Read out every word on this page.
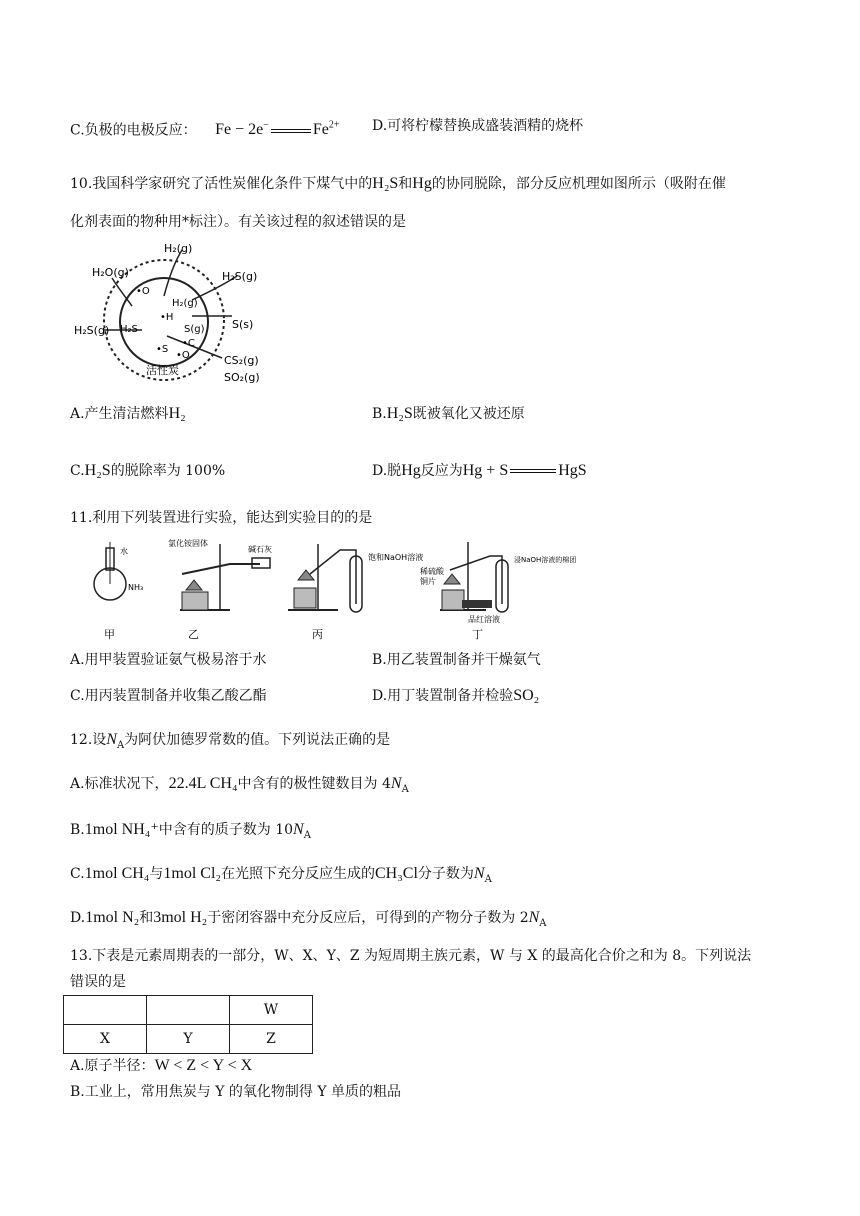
C.负极的电极反应： Fe − 2e−	$Fe^{2+}$ D.可将柠檬替换成盛装酒精的烧杯
10.我国科学家研究了活性炭催化条件下煤气中的H₂S和Hg的协同脱除，部分反应机理如图所示（吸附在催
化剂表面的物种用*标注）。有关该过程的叙述错误的是
H₂(g)
H₂O(g)	H₂S(g)
•O
H₂(g)
•H
H₂S(g) H₂S	S(g)	S(s)
•C
•S
•O	CS₂(g)
SO₂(g)
活性炭
A.产生清洁燃料H₂	B.H₂S既被氧化又被还原
C.H₂S的脱除率为 100%	D.脱Hg反应为Hg + S	HgS
11.利用下列装置进行实验，能达到实验目的的是
水
NH₃
甲
氯化铵固体
碱石灰
乙
饱和NaOH溶液
丙
稀硫酸
铜片
品红溶液
浸NaOH溶液的棉团
丁
A.用甲装置验证氨气极易溶于水	B.用乙装置制备并干燥氨气
C.用丙装置制备并收集乙酸乙酯	D.用丁装置制备并检验SO₂
12.设$N_A$为阿伏加德罗常数的值。下列说法正确的是
A.标准状况下，22.4L CH₄中含有的极性键数目为 $4N_A$
B.1mol NH₄⁺中含有的质子数为 $10N_A$
C.1mol CH₄与1mol Cl₂在光照下充分反应生成的CH₃Cl分子数为$N_A$
D.1mol N₂和3mol H₂于密闭容器中充分反应后，可得到的产物分子数为 $2N_A$
13.下表是元素周期表的一部分，W、X、Y、Z 为短周期主族元素，W 与 X 的最高化合价之和为 8。下列说法
错误的是
		W
X	Y	Z
A.原子半径：W < Z < Y < X
B.工业上，常用焦炭与 Y 的氧化物制得 Y 单质的粗品
